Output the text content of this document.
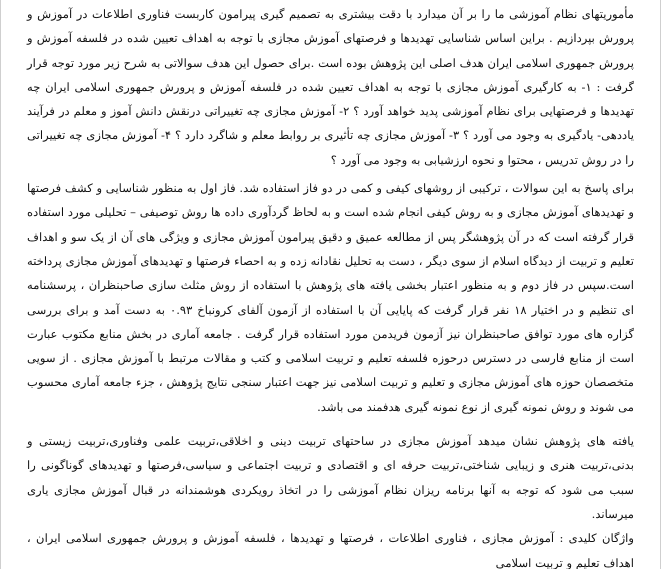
مأموریتهای نظام آموزشی ما را بر آن میدارد با دقت بیشتری به تصمیم گیری پیرامون کاربست فناوری اطلاعات در آموزش و پرورش بپردازیم . براین اساس شناسایی تهدیدها و فرصتهای آموزش مجازی با توجه به اهداف تعیین شده در فلسفه آموزش و پرورش جمهوری اسلامی ایران هدف اصلی این پژوهش بوده است .برای حصول این هدف سوالاتی به شرح زیر مورد توجه قرار گرفت : ۱- به کارگیری آموزش مجازی با توجه به اهداف تعیین شده در فلسفه آموزش و پرورش جمهوری اسلامی ایران چه تهدیدها و فرصتهایی برای نظام آموزشی پدید خواهد آورد ؟ ۲- آموزش مجازی چه تغییراتی درنقش دانش آموز و معلم در فرآیند یاددهی- یادگیری به وجود می آورد ؟ ۳- آموزش مجازی چه تأثیری بر روابط معلم و شاگرد دارد ؟ ۴- آموزش مجازی چه تغییراتی را در روش تدریس ، محتوا و نحوه ارزشیابی به وجود می آورد ؟

برای پاسخ به این سوالات ، ترکیبی از روشهای کیفی و کمی در دو فاز استفاده شد. فاز اول به منظور شناسایی و کشف فرصتها و تهدیدهای آموزش مجازی و به روش کیفی انجام شده است و به لحاظ گردآوری داده ها روش توصیفی – تحلیلی مورد استفاده قرار گرفته است که در آن پژوهشگر پس از مطالعه عمیق و دقیق پیرامون آموزش مجازی و ویژگی های آن از یک سو و اهداف تعلیم و تربیت از دیدگاه اسلام از سوی دیگر ، دست به تحلیل نقادانه زده و به احصاء فرصتها و تهدیدهای آموزش مجازی پرداخته است.سپس در فاز دوم و به منظور اعتبار بخشی یافته های پژوهش با استفاده از روش مثلث سازی صاحبنظران ، پرسشنامه ای تنظیم و در اختیار ۱۸ نفر قرار گرفت که پایایی آن با استفاده از آزمون آلفای کرونباخ ۰.۹۳ به دست آمد و برای بررسی گزاره های مورد توافق صاحبنظران نیز آزمون فریدمن مورد استفاده قرار گرفت . جامعه آماری در بخش منابع مکتوب عبارت است از منابع فارسی در دسترس درحوزه فلسفه تعلیم و تربیت اسلامی و کتب و مقالات مرتبط با آموزش مجازی . از سویی متخصصان حوزه های آموزش مجازی و تعلیم و تربیت اسلامی نیز جهت اعتبار سنجی نتایج پژوهش ، جزء جامعه آماری محسوب می شوند و روش نمونه گیری از نوع نمونه گیری هدفمند می باشد.

یافته های پژوهش نشان میدهد آموزش مجازی در ساحتهای تربیت دینی و اخلاقی،تربیت علمی وفناوری،تربیت زیستی و بدنی،تربیت هنری و زیبایی شناختی،تربیت حرفه ای و اقتصادی و تربیت اجتماعی و سیاسی،فرصتها و تهدیدهای گوناگونی را سبب می شود که توجه به آنها برنامه ریزان نظام آموزشی را در اتخاذ رویکردی هوشمندانه در قبال آموزش مجازی یاری میرساند.

واژگان کلیدی : آموزش مجازی ، فناوری اطلاعات ، فرصتها و تهدیدها ، فلسفه آموزش و پرورش جمهوری اسلامی ایران ، اهداف تعلیم و تربیت اسلامی
